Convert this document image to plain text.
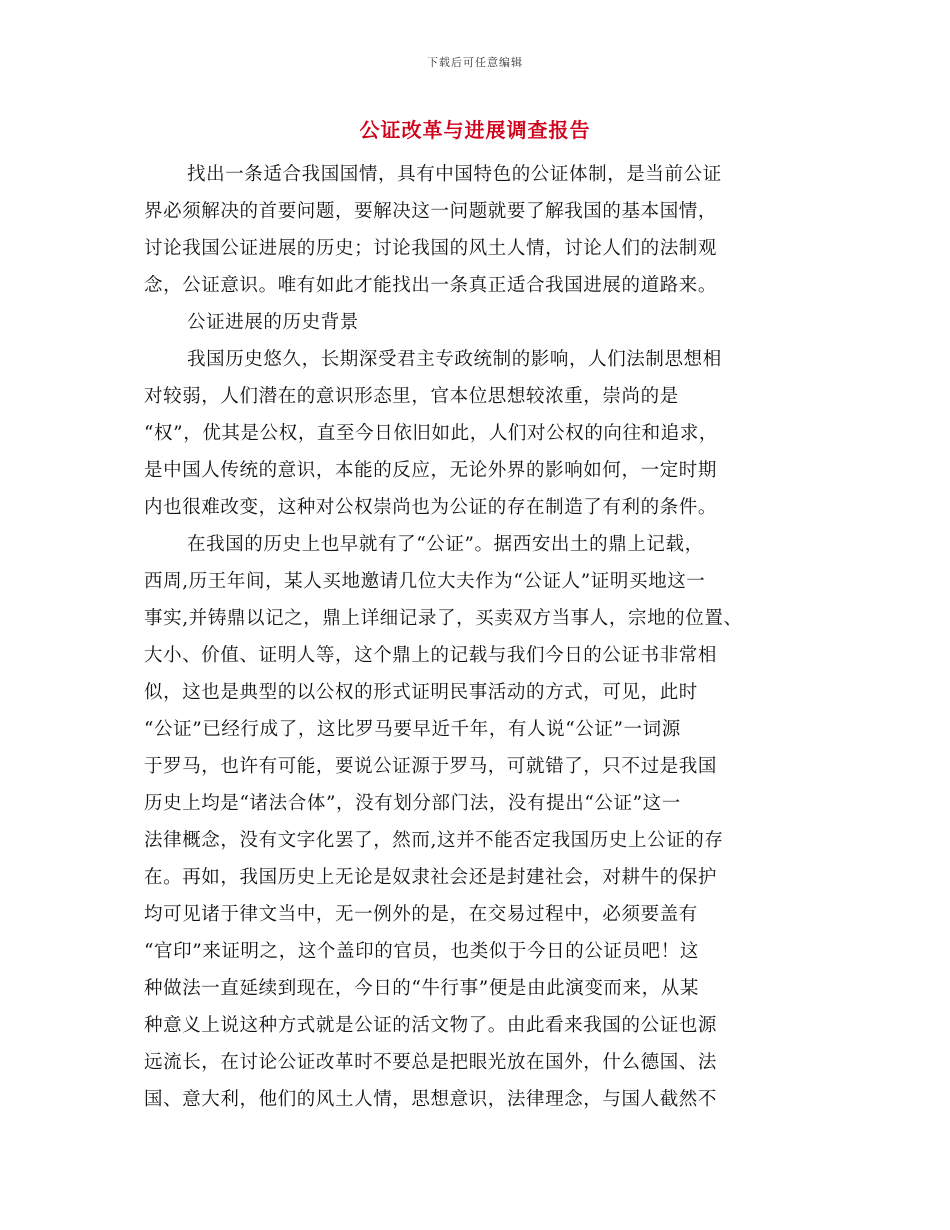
下载后可任意编辑
公证改革与进展调查报告
找出一条适合我国国情，具有中国特色的公证体制，是当前公证
界必须解决的首要问题，要解决这一问题就要了解我国的基本国情，
讨论我国公证进展的历史；讨论我国的风土人情，讨论人们的法制观
念，公证意识。唯有如此才能找出一条真正适合我国进展的道路来。
公证进展的历史背景
我国历史悠久，长期深受君主专政统制的影响，人们法制思想相
对较弱，人们潜在的意识形态里，官本位思想较浓重，崇尚的是
“权”，优其是公权，直至今日依旧如此，人们对公权的向往和追求，
是中国人传统的意识，本能的反应，无论外界的影响如何，一定时期
内也很难改变，这种对公权崇尚也为公证的存在制造了有利的条件。
在我国的历史上也早就有了“公证”。据西安出土的鼎上记载，
西周,历王年间，某人买地邀请几位大夫作为“公证人”证明买地这一
事实,并铸鼎以记之，鼎上详细记录了，买卖双方当事人，宗地的位置、
大小、价值、证明人等，这个鼎上的记载与我们今日的公证书非常相
似，这也是典型的以公权的形式证明民事活动的方式，可见，此时
“公证”已经行成了，这比罗马要早近千年，有人说“公证”一词源
于罗马，也许有可能，要说公证源于罗马，可就错了，只不过是我国
历史上均是“诸法合体”，没有划分部门法，没有提出“公证”这一
法律概念，没有文字化罢了，然而,这并不能否定我国历史上公证的存
在。再如，我国历史上无论是奴隶社会还是封建社会，对耕牛的保护
均可见诸于律文当中，无一例外的是，在交易过程中，必须要盖有
“官印”来证明之，这个盖印的官员，也类似于今日的公证员吧！这
种做法一直延续到现在，今日的“牛行事”便是由此演变而来，从某
种意义上说这种方式就是公证的活文物了。由此看来我国的公证也源
远流长，在讨论公证改革时不要总是把眼光放在国外，什么德国、法
国、意大利，他们的风土人情，思想意识，法律理念，与国人截然不
